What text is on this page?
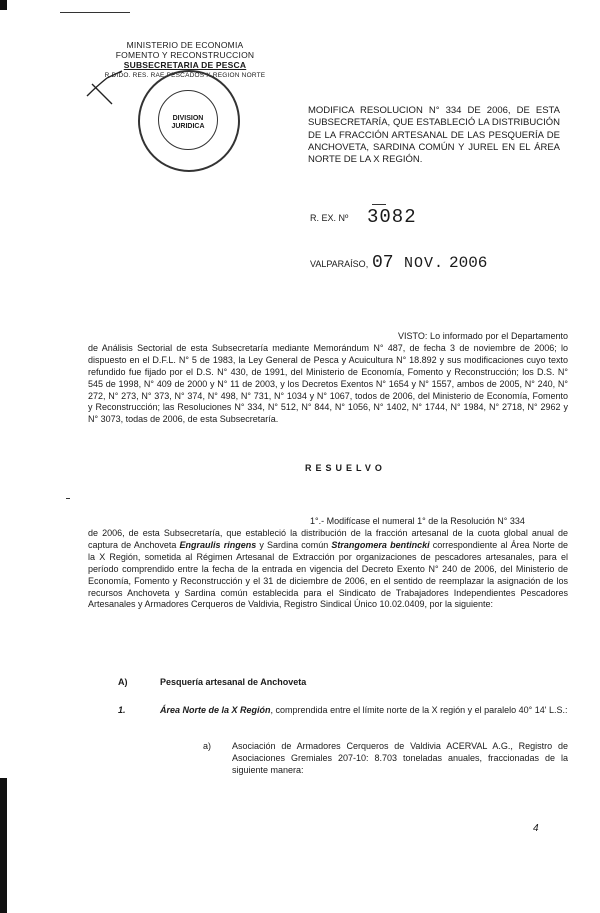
MINISTERIO DE ECONOMIA
FOMENTO Y RECONSTRUCCION
SUBSECRETARIA DE PESCA
R.DIDO. RES. RAE PESCADOS X REGION NORTE
DIVISION
JURIDICA
MODIFICA RESOLUCION N° 334 DE 2006, DE ESTA SUBSECRETARÍA, QUE ESTABLECIÓ LA DISTRIBUCIÓN DE LA FRACCIÓN ARTESANAL DE LAS PESQUERÍA DE ANCHOVETA, SARDINA COMÚN Y JUREL EN EL ÁREA NORTE DE LA X REGIÓN.
R. EX. Nº 3082
VALPARAÍSO, 07 NOV. 2006
VISTO: Lo informado por el Departamento de Análisis Sectorial de esta Subsecretaría mediante Memorándum N° 487, de fecha 3 de noviembre de 2006; lo dispuesto en el D.F.L. N° 5 de 1983, la Ley General de Pesca y Acuicultura N° 18.892 y sus modificaciones cuyo texto refundido fue fijado por el D.S. N° 430, de 1991, del Ministerio de Economía, Fomento y Reconstrucción; los D.S. N° 545 de 1998, N° 409 de 2000 y N° 11 de 2003, y los Decretos Exentos N° 1654 y N° 1557, ambos de 2005, N° 240, N° 272, N° 273, N° 373, N° 374, N° 498, N° 731, N° 1034 y N° 1067, todos de 2006, del Ministerio de Economía, Fomento y Reconstrucción; las Resoluciones N° 334, N° 512, N° 844, N° 1056, N° 1402, N° 1744, N° 1984, N° 2718, N° 2962 y N° 3073, todas de 2006, de esta Subsecretaría.
RESUELVO
1°.- Modifícase el numeral 1° de la Resolución N° 334
de 2006, de esta Subsecretaría, que estableció la distribución de la fracción artesanal de la cuota global anual de captura de Anchoveta Engraulis ringens y Sardina común Strangomera bentincki correspondiente al Área Norte de la X Región, sometida al Régimen Artesanal de Extracción por organizaciones de pescadores artesanales, para el período comprendido entre la fecha de la entrada en vigencia del Decreto Exento N° 240 de 2006, del Ministerio de Economía, Fomento y Reconstrucción y el 31 de diciembre de 2006, en el sentido de reemplazar la asignación de los recursos Anchoveta y Sardina común establecida para el Sindicato de Trabajadores Independientes Pescadores Artesanales y Armadores Cerqueros de Valdivia, Registro Sindical Único 10.02.0409, por la siguiente:
A)	Pesquería artesanal de Anchoveta
1.	Área Norte de la X Región, comprendida entre el límite norte de la X región y el paralelo 40° 14' L.S.:
a)	Asociación de Armadores Cerqueros de Valdivia ACERVAL A.G., Registro de Asociaciones Gremiales 207-10: 8.703 toneladas anuales, fraccionadas de la siguiente manera:
4
